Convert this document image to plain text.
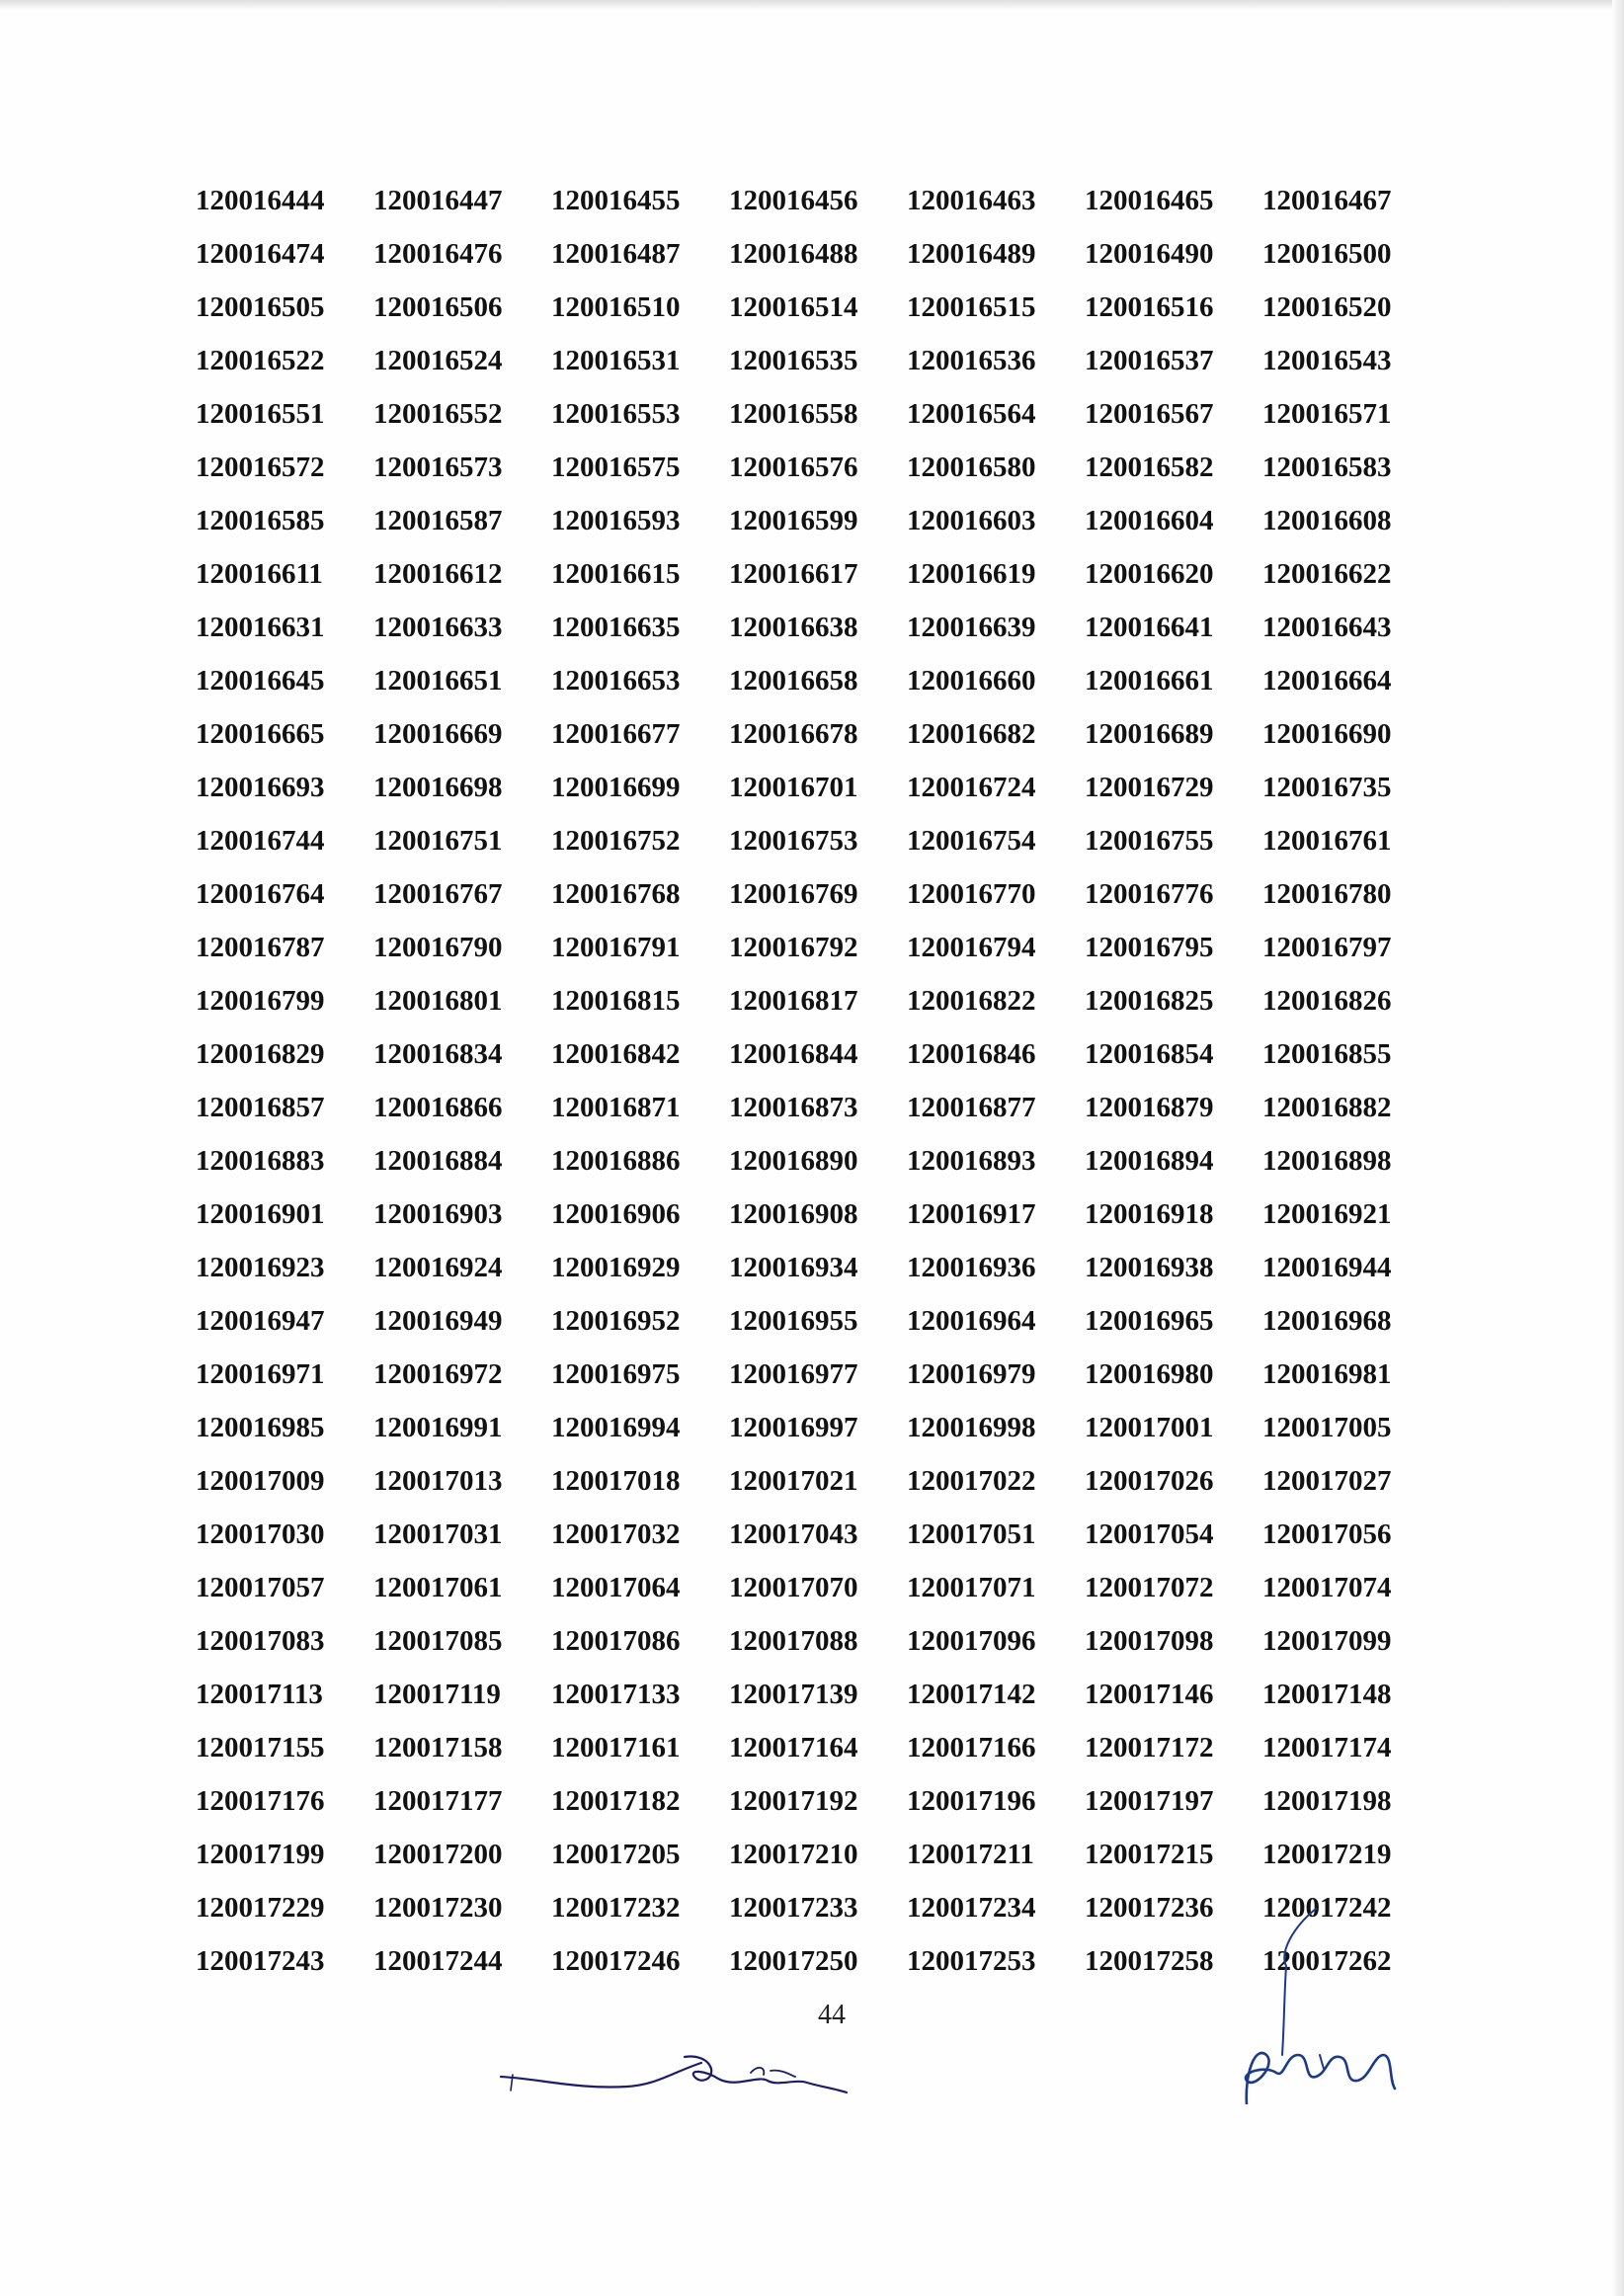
120016444	120016447	120016455	120016456	120016463	120016465	120016467
120016474	120016476	120016487	120016488	120016489	120016490	120016500
120016505	120016506	120016510	120016514	120016515	120016516	120016520
120016522	120016524	120016531	120016535	120016536	120016537	120016543
120016551	120016552	120016553	120016558	120016564	120016567	120016571
120016572	120016573	120016575	120016576	120016580	120016582	120016583
120016585	120016587	120016593	120016599	120016603	120016604	120016608
120016611	120016612	120016615	120016617	120016619	120016620	120016622
120016631	120016633	120016635	120016638	120016639	120016641	120016643
120016645	120016651	120016653	120016658	120016660	120016661	120016664
120016665	120016669	120016677	120016678	120016682	120016689	120016690
120016693	120016698	120016699	120016701	120016724	120016729	120016735
120016744	120016751	120016752	120016753	120016754	120016755	120016761
120016764	120016767	120016768	120016769	120016770	120016776	120016780
120016787	120016790	120016791	120016792	120016794	120016795	120016797
120016799	120016801	120016815	120016817	120016822	120016825	120016826
120016829	120016834	120016842	120016844	120016846	120016854	120016855
120016857	120016866	120016871	120016873	120016877	120016879	120016882
120016883	120016884	120016886	120016890	120016893	120016894	120016898
120016901	120016903	120016906	120016908	120016917	120016918	120016921
120016923	120016924	120016929	120016934	120016936	120016938	120016944
120016947	120016949	120016952	120016955	120016964	120016965	120016968
120016971	120016972	120016975	120016977	120016979	120016980	120016981
120016985	120016991	120016994	120016997	120016998	120017001	120017005
120017009	120017013	120017018	120017021	120017022	120017026	120017027
120017030	120017031	120017032	120017043	120017051	120017054	120017056
120017057	120017061	120017064	120017070	120017071	120017072	120017074
120017083	120017085	120017086	120017088	120017096	120017098	120017099
120017113	120017119	120017133	120017139	120017142	120017146	120017148
120017155	120017158	120017161	120017164	120017166	120017172	120017174
120017176	120017177	120017182	120017192	120017196	120017197	120017198
120017199	120017200	120017205	120017210	120017211	120017215	120017219
120017229	120017230	120017232	120017233	120017234	120017236	120017242
120017243	120017244	120017246	120017250	120017253	120017258	120017262
44
